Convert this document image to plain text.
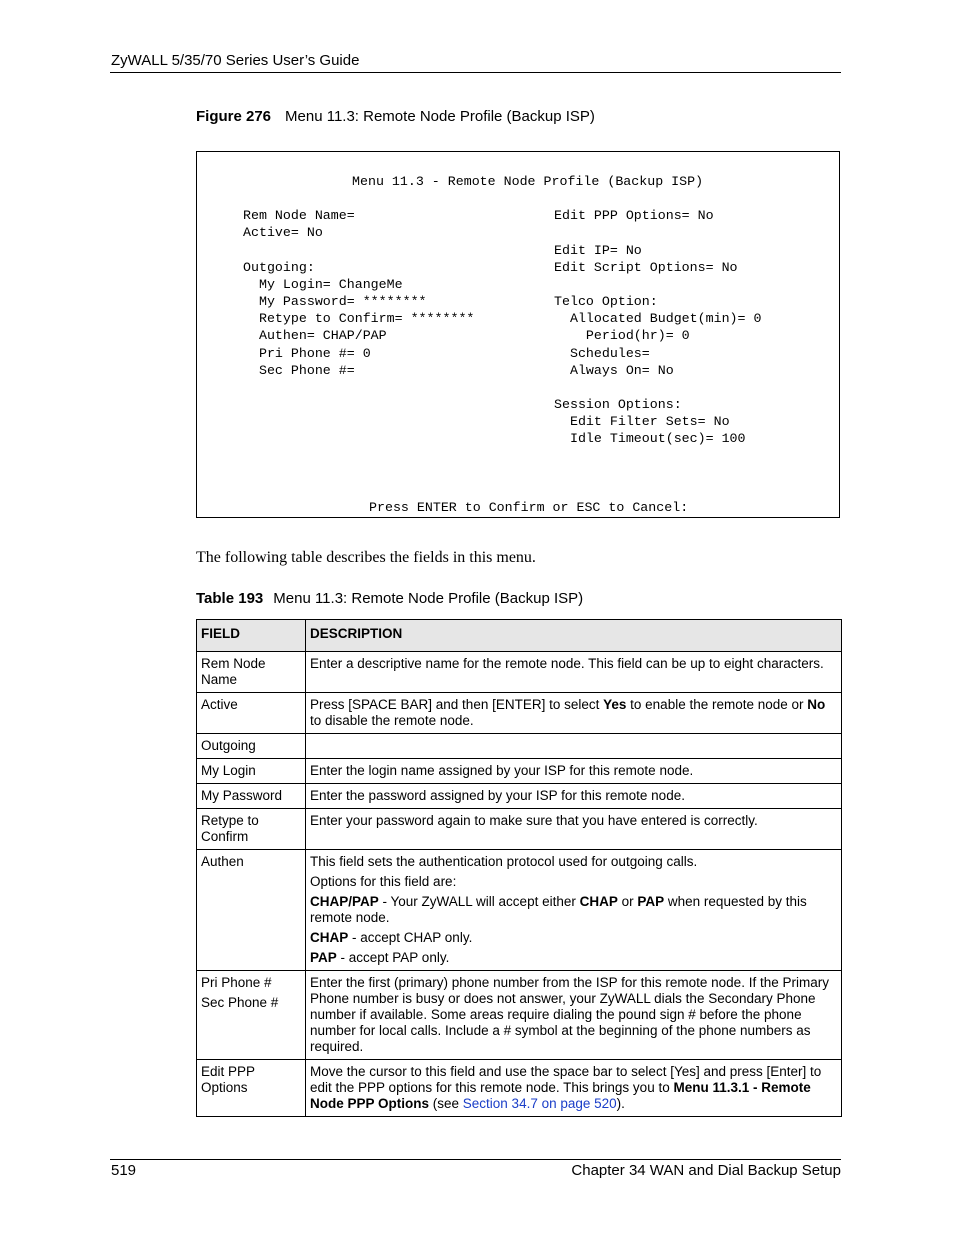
ZyWALL 5/35/70 Series User’s Guide
Figure 276 Menu 11.3: Remote Node Profile (Backup ISP)
Menu 11.3 - Remote Node Profile (Backup ISP)
Rem Node Name=
Active= No
Outgoing:
My Login= ChangeMe
My Password= ********
Retype to Confirm= ********
Authen= CHAP/PAP
Pri Phone #= 0
Sec Phone #=
Edit PPP Options= No
Edit IP= No
Edit Script Options= No
Telco Option:
Allocated Budget(min)= 0
Period(hr)= 0
Schedules=
Always On= No
Session Options:
Edit Filter Sets= No
Idle Timeout(sec)= 100
Press ENTER to Confirm or ESC to Cancel:
The following table describes the fields in this menu.
Table 193 Menu 11.3: Remote Node Profile (Backup ISP)
FIELD	DESCRIPTION

Rem Node Name	Enter a descriptive name for the remote node. This field can be up to eight characters.

Active	Press [SPACE BAR] and then [ENTER] to select Yes to enable the remote node or No to disable the remote node.

Outgoing	

My Login	Enter the login name assigned by your ISP for this remote node.

My Password	Enter the password assigned by your ISP for this remote node.

Retype to Confirm	Enter your password again to make sure that you have entered is correctly.

Authen	This field sets the authentication protocol used for outgoing calls.
Options for this field are:
CHAP/PAP - Your ZyWALL will accept either CHAP or PAP when requested by this remote node.
CHAP - accept CHAP only.
PAP - accept PAP only.

Pri Phone #
Sec Phone #	Enter the first (primary) phone number from the ISP for this remote node. If the Primary Phone number is busy or does not answer, your ZyWALL dials the Secondary Phone number if available. Some areas require dialing the pound sign # before the phone number for local calls. Include a # symbol at the beginning of the phone numbers as required.

Edit PPP Options	Move the cursor to this field and use the space bar to select [Yes] and press [Enter] to edit the PPP options for this remote node. This brings you to Menu 11.3.1 - Remote Node PPP Options (see Section 34.7 on page 520).
519	Chapter 34 WAN and Dial Backup Setup
